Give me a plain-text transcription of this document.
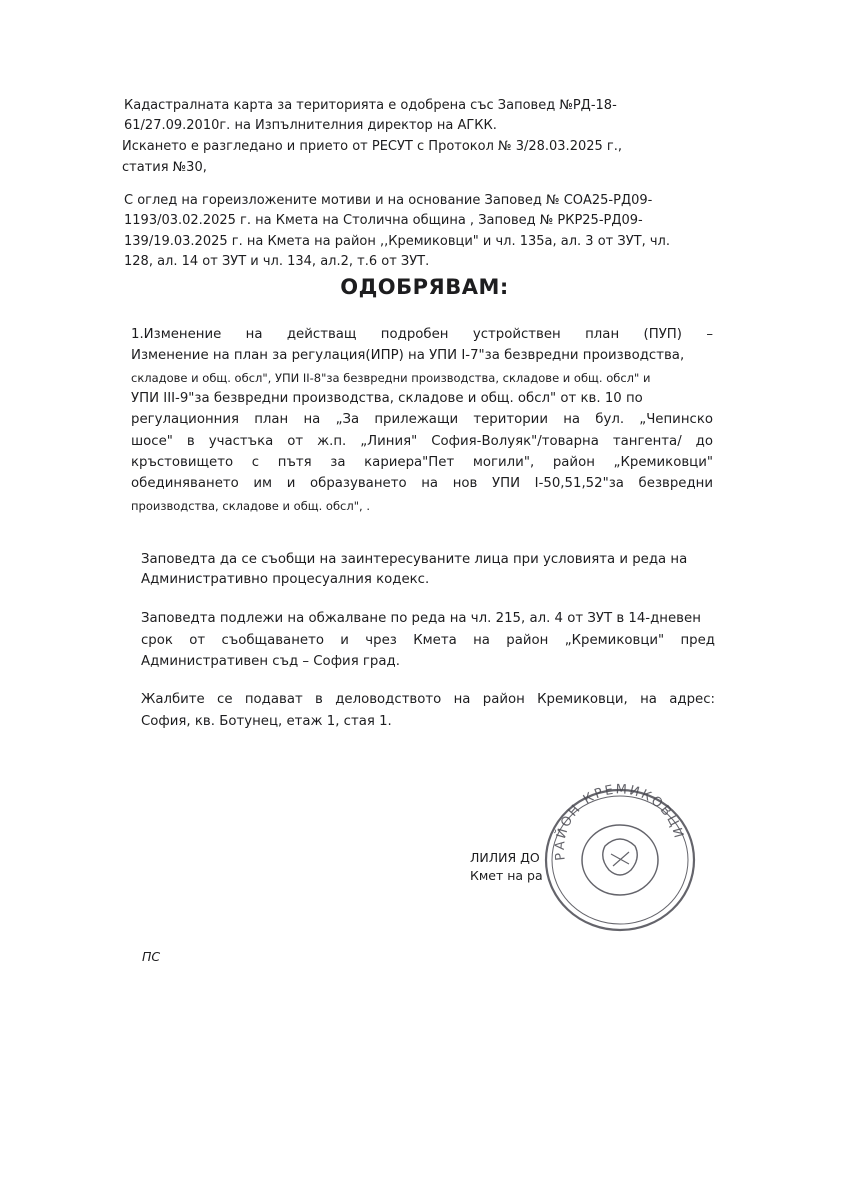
Кадастралната карта за територията е одобрена със Заповед №РД-18-
61/27.09.2010г. на Изпълнителния директор на АГКК.
Искането е разгледано и прието от РЕСУТ с Протокол № 3/28.03.2025 г.,
статия №30,
С оглед на гореизложените мотиви и на основание Заповед № СОА25-РД09-
1193/03.02.2025 г. на Кмета на Столична община , Заповед № РКР25-РД09-
139/19.03.2025 г. на Кмета на район ,,Кремиковци" и чл. 135а, ал. 3 от ЗУТ, чл.
128, ал. 14 от ЗУТ и чл. 134, ал.2, т.6 от ЗУТ.
ОДОБРЯВАМ:
1.Изменение на действащ подробен устройствен план (ПУП) –
Изменение на план за регулация(ИПР) на УПИ І-7"за безвредни производства,
складове и общ. обсл", УПИ ІІ-8"за безвредни производства, складове и общ. обсл" и
УПИ ІІІ-9"за безвредни производства, складове и общ. обсл" от кв. 10 по
регулационния план на „За прилежащи територии на бул. „Чепинско
шосе" в участъка от ж.п. „Линия" София-Волуяк"/товарна тангента/ до
кръстовището с пътя за кариера"Пет могили", район „Кремиковци"
обединяването им и образуването на нов УПИ І-50,51,52"за безвредни
производства, складове и общ. обсл", .
Заповедта да се съобщи на заинтересуваните лица при условията и реда на
Административно процесуалния кодекс.
Заповедта подлежи на обжалване по реда на чл. 215, ал. 4 от ЗУТ в 14-дневен
срок от съобщаването и чрез Кмета на район „Кремиковци" пред
Административен съд – София град.
Жалбите се подават в деловодството на район Кремиковци, на адрес:
София, кв. Ботунец, етаж 1, стая 1.
ЛИЛИЯ ДО
Кмет на ра
РАЙОН КРЕМИКОВЦИ
ПС
